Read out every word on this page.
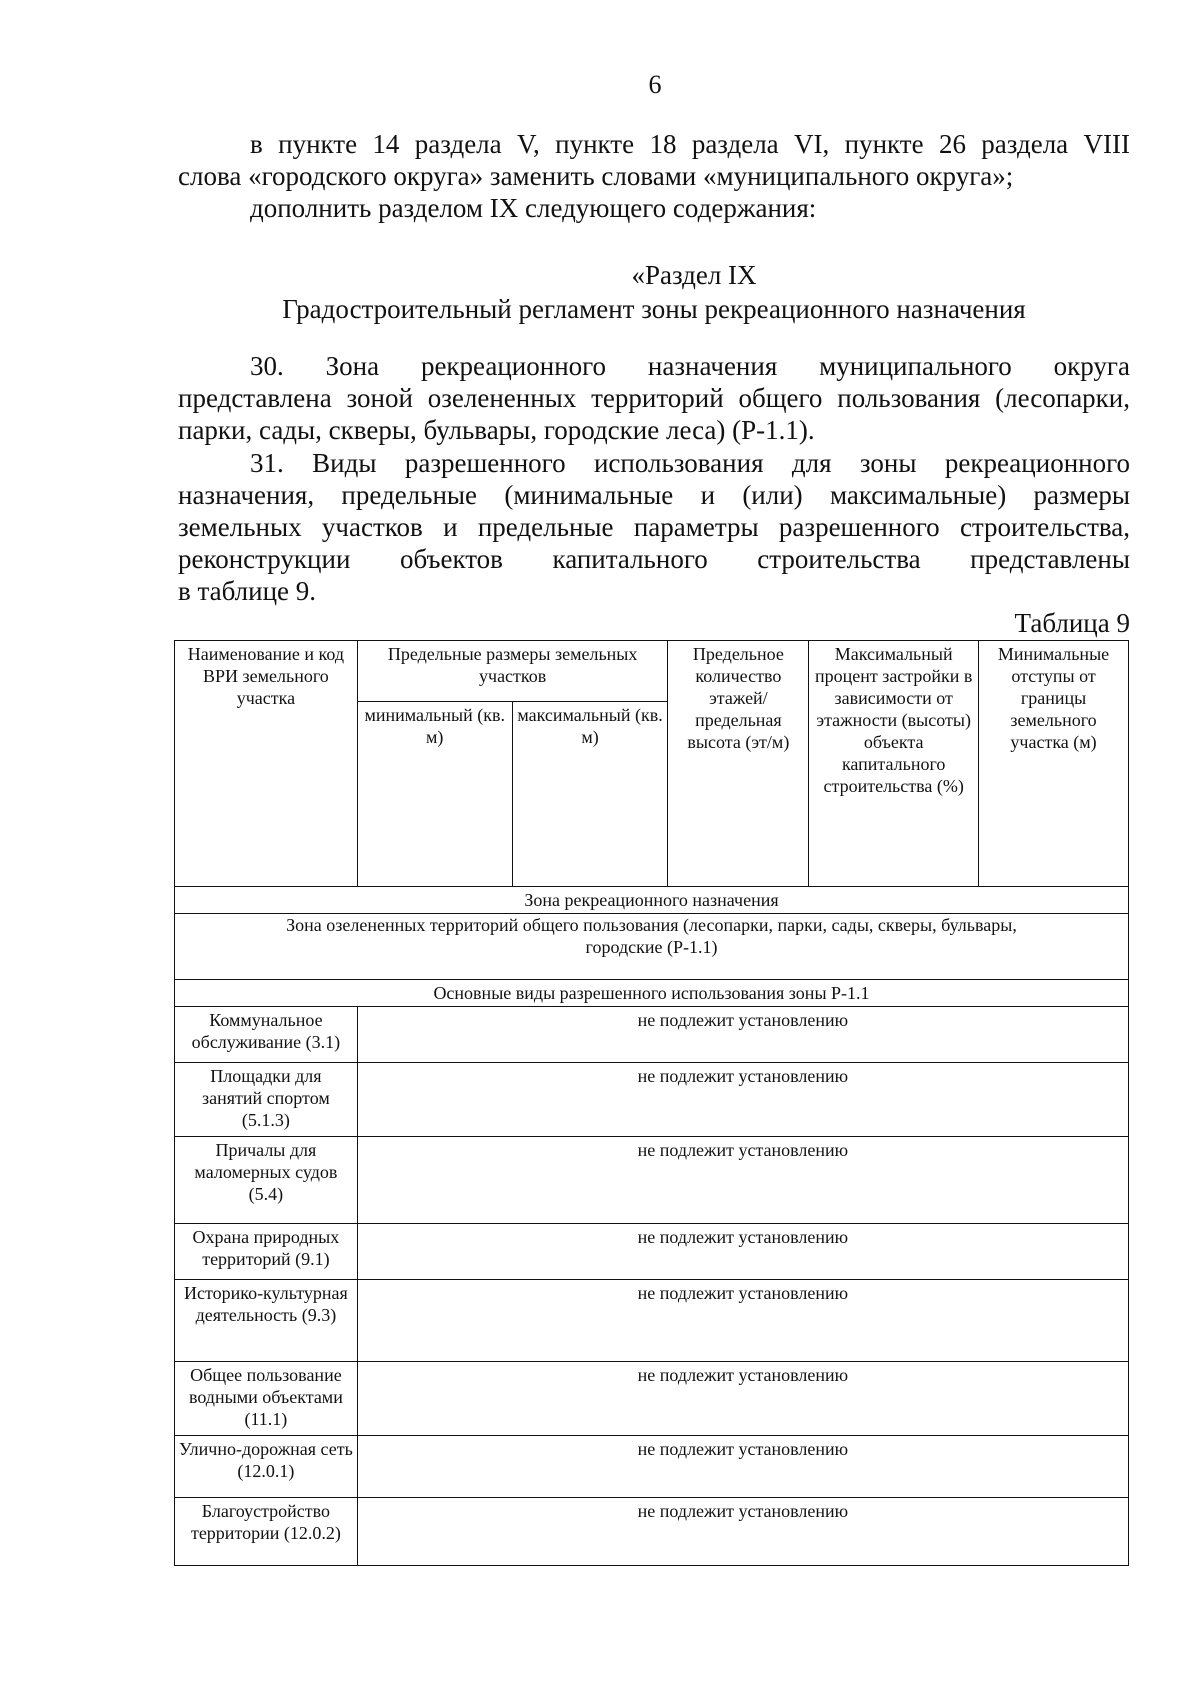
6
в пункте 14 раздела V, пункте 18 раздела VI, пункте 26 раздела VIII
слова «городского округа» заменить словами «муниципального округа»;
дополнить разделом IX следующего содержания:
«Раздел IX
Градостроительный регламент зоны рекреационного назначения
30. Зона рекреационного назначения муниципального округа
представлена зоной озелененных территорий общего пользования (лесопарки,
парки, сады, скверы, бульвары, городские леса) (Р-1.1).
31. Виды разрешенного использования для зоны рекреационного
назначения, предельные (минимальные и (или) максимальные) размеры
земельных участков и предельные параметры разрешенного строительства,
реконструкции объектов капитального строительства представлены
в таблице 9.
Таблица 9
Наименование и код ВРИ земельного участка	Предельные размеры земельных участков		Предельное количество этажей/ предельная высота (эт/м)	Максимальный процент застройки в зависимости от этажности (высоты) объекта капитального строительства (%)	Минимальные отступы от границы земельного участка (м)
	минимальный (кв. м)	максимальный (кв. м)			
Зона рекреационного назначения					
Зона озелененных территорий общего пользования (лесопарки, парки, сады, скверы, бульвары, городские (Р-1.1)					
Основные виды разрешенного использования зоны Р-1.1					
Коммунальное обслуживание (3.1)	не подлежит установлению				
Площадки для занятий спортом (5.1.3)	не подлежит установлению				
Причалы для маломерных судов (5.4)	не подлежит установлению				
Охрана природных территорий (9.1)	не подлежит установлению				
Историко-культурная деятельность (9.3)	не подлежит установлению				
Общее пользование водными объектами (11.1)	не подлежит установлению				
Улично-дорожная сеть (12.0.1)	не подлежит установлению				
Благоустройство территории (12.0.2)	не подлежит установлению				
